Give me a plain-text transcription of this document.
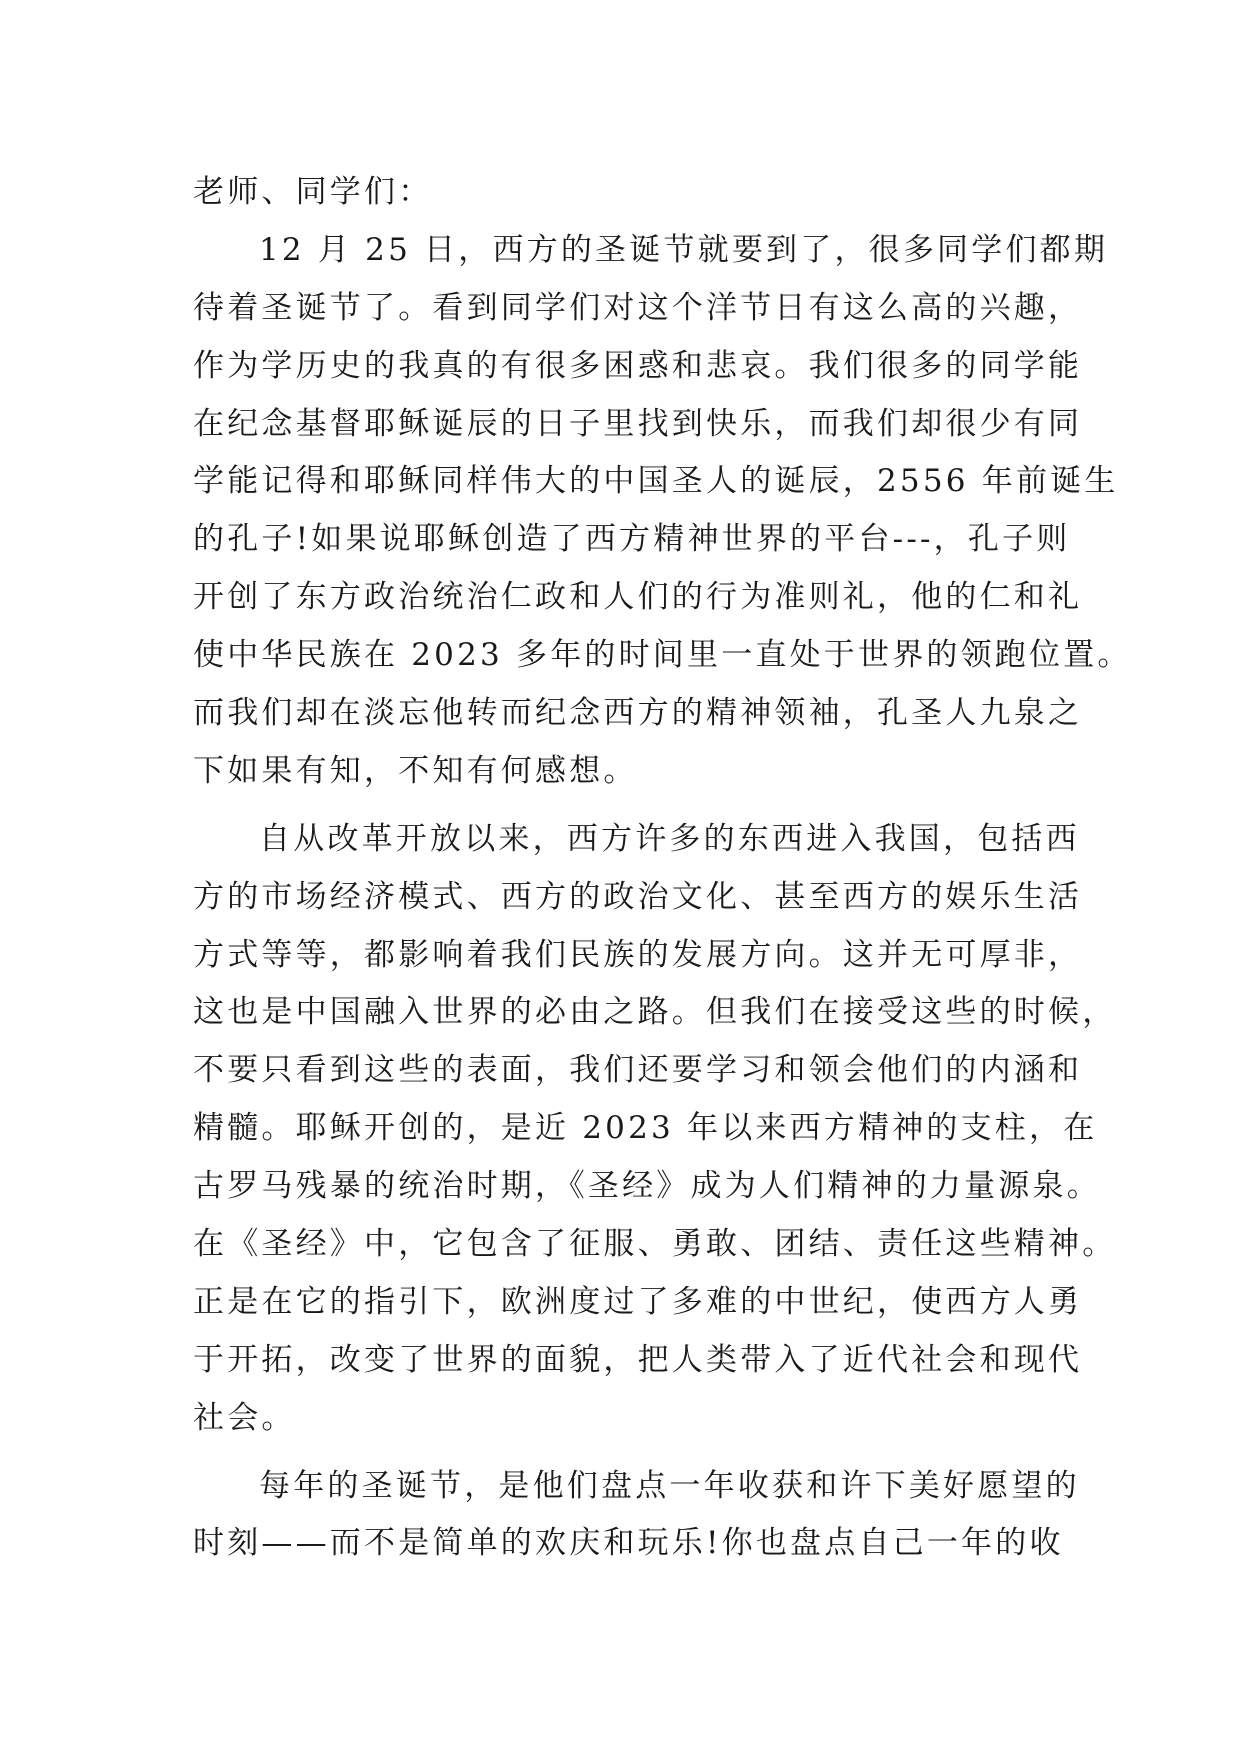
老师、同学们：
12 月 25 日，西方的圣诞节就要到了，很多同学们都期
待着圣诞节了。看到同学们对这个洋节日有这么高的兴趣，
作为学历史的我真的有很多困惑和悲哀。我们很多的同学能
在纪念基督耶稣诞辰的日子里找到快乐，而我们却很少有同
学能记得和耶稣同样伟大的中国圣人的诞辰，2556 年前诞生
的孔子!如果说耶稣创造了西方精神世界的平台---，孔子则
开创了东方政治统治仁政和人们的行为准则礼，他的仁和礼
使中华民族在 2023 多年的时间里一直处于世界的领跑位置。
而我们却在淡忘他转而纪念西方的精神领袖，孔圣人九泉之
下如果有知，不知有何感想。
自从改革开放以来，西方许多的东西进入我国，包括西
方的市场经济模式、西方的政治文化、甚至西方的娱乐生活
方式等等，都影响着我们民族的发展方向。这并无可厚非，
这也是中国融入世界的必由之路。但我们在接受这些的时候，
不要只看到这些的表面，我们还要学习和领会他们的内涵和
精髓。耶稣开创的，是近 2023 年以来西方精神的支柱，在
古罗马残暴的统治时期，《圣经》成为人们精神的力量源泉。
在《圣经》中，它包含了征服、勇敢、团结、责任这些精神。
正是在它的指引下，欧洲度过了多难的中世纪，使西方人勇
于开拓，改变了世界的面貌，把人类带入了近代社会和现代
社会。
每年的圣诞节，是他们盘点一年收获和许下美好愿望的
时刻——而不是简单的欢庆和玩乐!你也盘点自己一年的收
